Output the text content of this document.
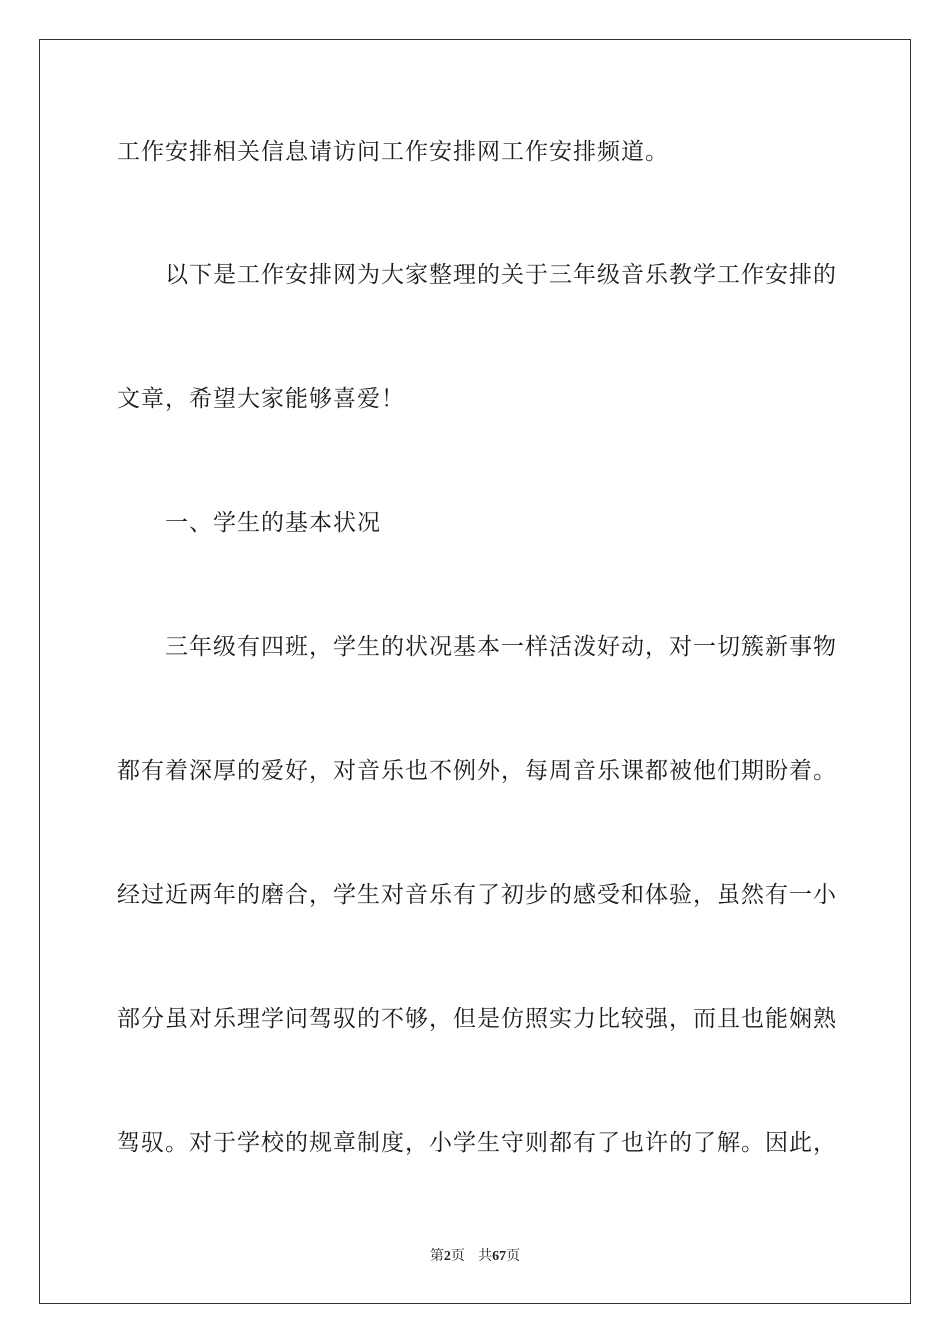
工作安排相关信息请访问工作安排网工作安排频道。
以下是工作安排网为大家整理的关于三年级音乐教学工作安排的
文章，希望大家能够喜爱！
一、学生的基本状况
三年级有四班，学生的状况基本一样活泼好动，对一切簇新事物
都有着深厚的爱好，对音乐也不例外，每周音乐课都被他们期盼着。
经过近两年的磨合，学生对音乐有了初步的感受和体验，虽然有一小
部分虽对乐理学问驾驭的不够，但是仿照实力比较强，而且也能娴熟
驾驭。对于学校的规章制度，小学生守则都有了也许的了解。因此，
第2页 共67页
